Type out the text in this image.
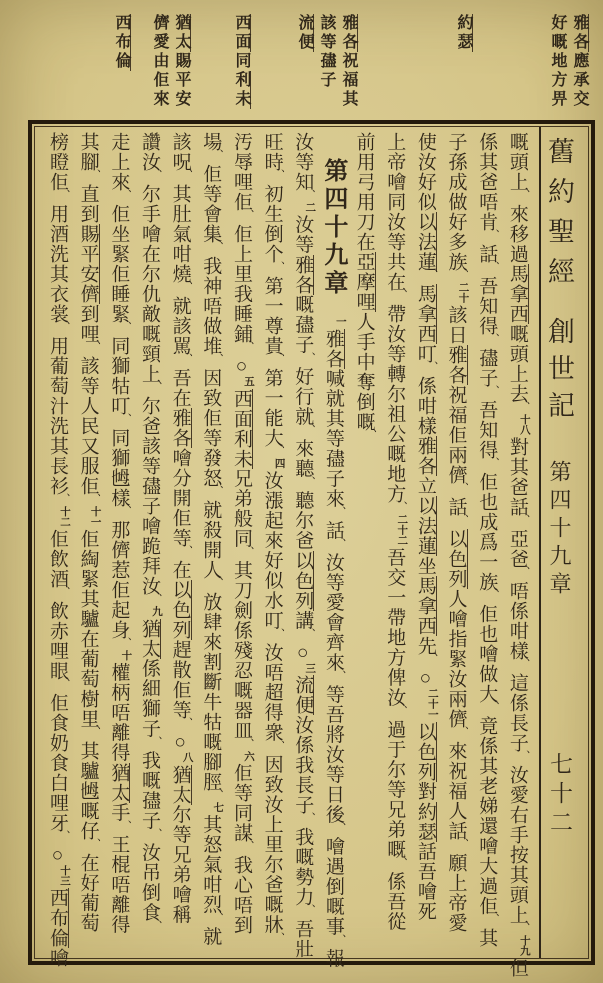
雅各應承交
好嘅地方畀
約瑟
雅各祝福其
該等孻子
流便
西面同利未
猶太賜平安
儕愛由佢來
西布倫
嘅頭上、來移過馬拿西嘅頭上去、十八對其爸話、亞爸、唔係咁樣、這係長子、汝愛右手按其頭上、十九但
係其爸唔肯、話、吾知得、孻子、吾知得、佢也成爲一族、佢也噲做大、竟係其老娣還噲大過佢、其
子孫成做好多族、二十該日雅各祝福佢兩儕、話、以色列人噲指緊汝兩儕、來祝福人話、願上帝愛
使汝好似以法蓮、馬拿西叮、係咁樣雅各立以法蓮坐馬拿西先、○二十一以色列對約瑟話吾噲死
上帝噲同汝等共在、帶汝等轉尔祖公嘅地方、二十二吾交一帶地方俾汝、過于尔等兄弟嘅、係吾從
前用弓用刀在亞摩哩人手中奪倒嘅、
第四十九章一雅各喊就其等孻子來、話、汝等愛會齊來、等吾將汝等日後、噲遇倒嘅事、報
汝等知、二汝等雅各嘅孻子、好行就、來聽、聽尔爸以色列講、○三流便汝係我長子、我嘅勢力、吾壯
旺時、初生倒个、第一尊貴、第一能大、四汝漲起來好似水叮、汝唔超得衆、因致汝上里尔爸嘅牀、
汚辱哩佢、佢上里我睡鋪、○五西面利未兄弟般同、其刀劍係殘忍嘅器皿、六佢等同謀、我心唔到
場、佢等會集、我神唔做堆、因致佢等發怒、就殺開人、放肆來割斷牛牯嘅腳脛、七其怒氣咁烈、就
該呪、其肚氣咁燒、就該駡、吾在雅各噲分開佢等、在以色列趕散佢等、○八猶太尔等兄弟噲稱
讚汝、尔手噲在尔仇敵嘅頸上、尔爸該等孻子噲跪拜汝、九猶太係細獅子、我嘅孻子、汝吊倒食、
走上來、佢坐緊佢睡緊、同獅牯叮、同獅乸樣、那儕惹佢起身、十權柄唔離得猶太手、王棍唔離得
其腳、直到賜平安儕到哩、該等人民又服佢、十一佢綯緊其驢在葡萄樹里、其驢乸嘅仔、在好葡萄
榜瞪佢、用酒洗其衣裳、用葡萄汁洗其長衫、十二佢飲酒、飲赤哩眼、佢食奶食白哩牙、○十三西布倫噲
舊約聖經創世記第四十九章七十二
